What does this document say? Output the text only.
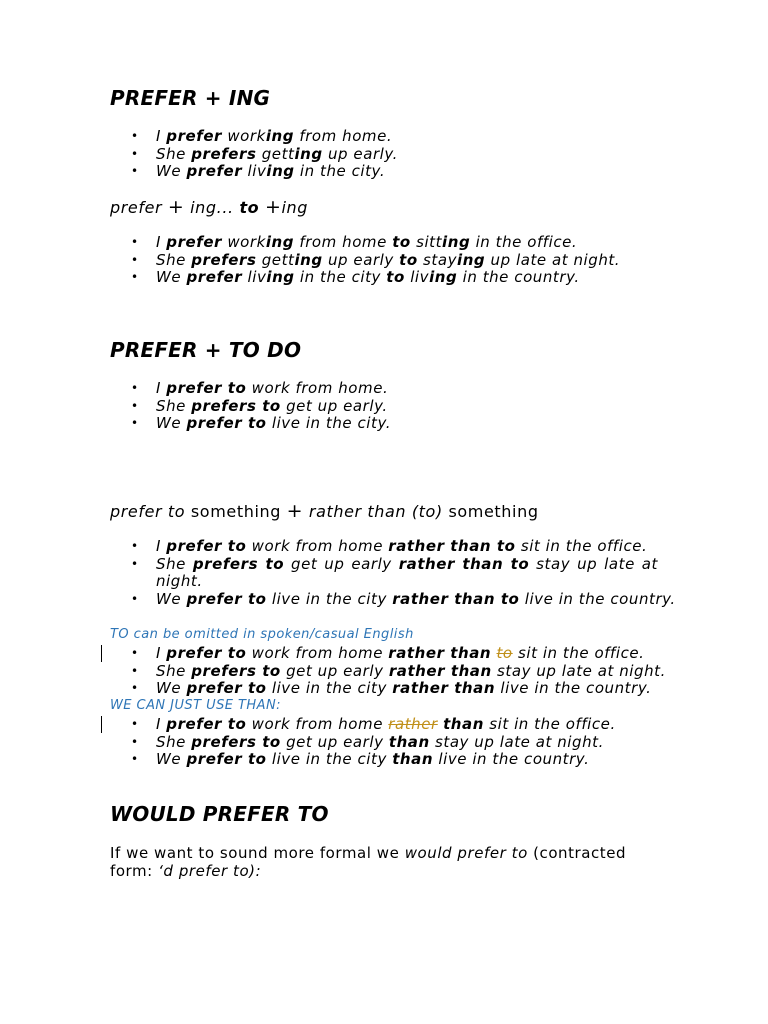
PREFER + ING
• I prefer working from home.
• She prefers getting up early.
• We prefer living in the city.
prefer + ing... to +ing
• I prefer working from home to sitting in the office.
• She prefers getting up early to staying up late at night.
• We prefer living in the city to living in the country.
PREFER + TO DO
• I prefer to work from home.
• She prefers to get up early.
• We prefer to live in the city.
prefer to something + rather than (to) something
• I prefer to work from home rather than to sit in the office.
• She prefers to get up early rather than to stay up late at night.
• We prefer to live in the city rather than to live in the country.
TO can be omitted in spoken/casual English
• I prefer to work from home rather than to sit in the office.
• She prefers to get up early rather than stay up late at night.
• We prefer to live in the city rather than live in the country.
WE CAN JUST USE THAN:
• I prefer to work from home rather than sit in the office.
• She prefers to get up early than stay up late at night.
• We prefer to live in the city than live in the country.
WOULD PREFER TO

If we want to sound more formal we would prefer to (contracted form: ‘d prefer to):
